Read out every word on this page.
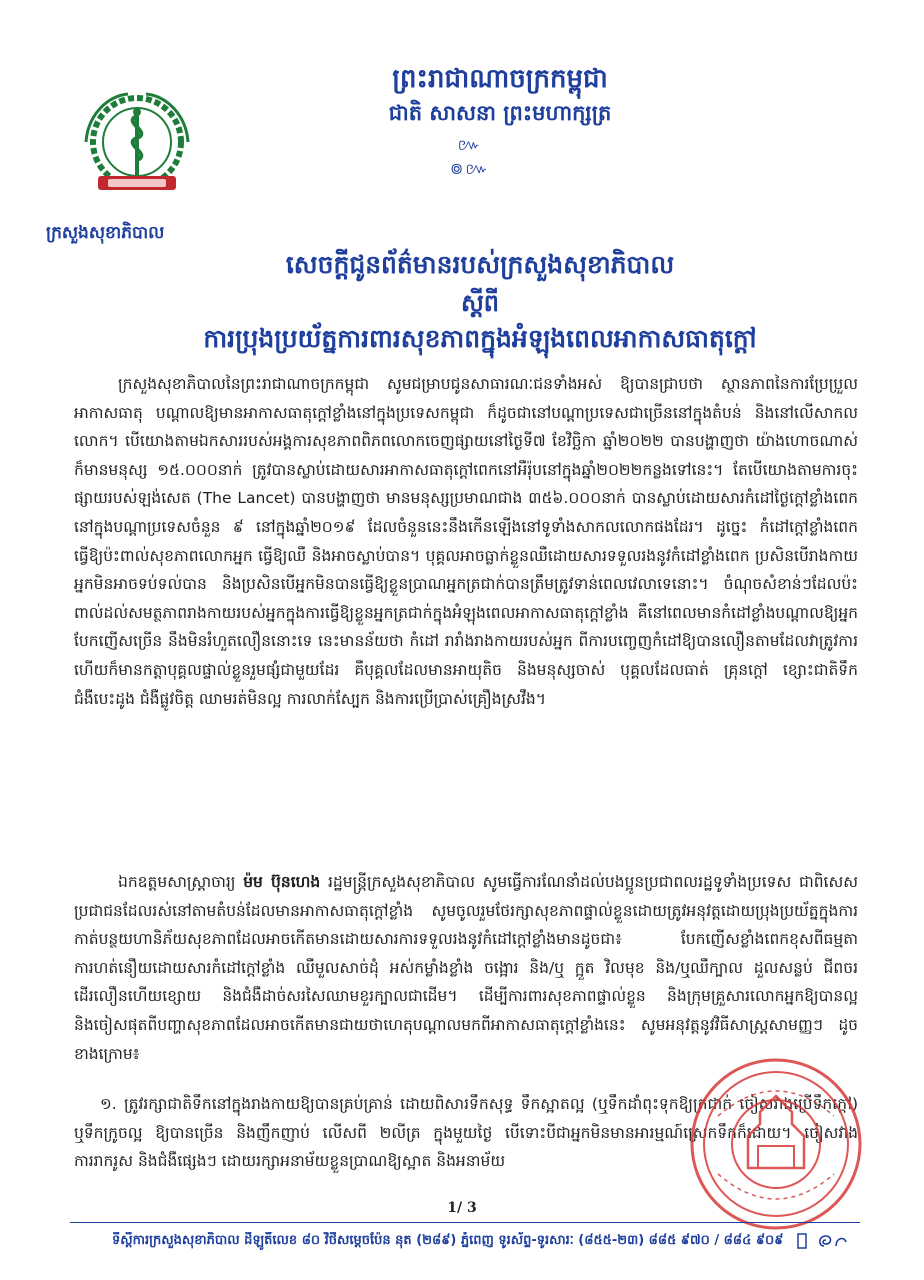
ក្រសួងសុខាភិបាល
ព្រះរាជាណាចក្រកម្ពុជា
ជាតិ សាសនា ព្រះមហាក្សត្រ
៚៙៚
សេចក្តីជូនព័ត៌មានរបស់ក្រសួងសុខាភិបាល
ស្តីពី
ការប្រុងប្រយ័ត្នការពារសុខភាពក្នុងអំឡុងពេលអាកាសធាតុក្តៅ

ក្រសួងសុខាភិបាលនៃព្រះរាជាណាចក្រកម្ពុជា សូមជម្រាបជូនសាធារណៈជនទាំងអស់ ឱ្យបានជ្រាបថា ស្ថានភាពនៃការប្រែប្រួលអាកាសធាតុ បណ្តាលឱ្យមានអាកាសធាតុក្តៅខ្លាំងនៅក្នុងប្រទេសកម្ពុជា ក៏ដូចជានៅបណ្តាប្រទេសជាច្រើននៅក្នុងតំបន់ និងនៅលើសាកលលោក។ បើយោងតាមឯកសាររបស់អង្គការសុខភាពពិភពលោកចេញផ្សាយនៅថ្ងៃទី៧ ខែវិច្ឆិកា ឆ្នាំ២០២២ បានបង្ហាញថា យ៉ាងហោចណាស់ក៏មានមនុស្ស ១៥.០០០នាក់ ត្រូវបានស្លាប់ដោយសារអាកាសធាតុក្តៅពេកនៅអឺរ៉ុបនៅក្នុងឆ្នាំ២០២២កន្លងទៅនេះ។ តែបើយោងតាមការចុះផ្សាយរបស់ឡង់សេត (The Lancet) បានបង្ហាញថា មានមនុស្សប្រមាណជាង ៣៥៦.០០០នាក់ បានស្លាប់ដោយសារកំដៅថ្ងៃក្តៅខ្លាំងពេកនៅក្នុងបណ្តាប្រទេសចំនួន ៩ នៅក្នុងឆ្នាំ២០១៩ ដែលចំនួននេះនឹងកើនឡើងនៅទូទាំងសាកលលោកផងដែរ។ ដូច្នេះ កំដៅក្តៅខ្លាំងពេក ធ្វើឱ្យប៉ះពាល់សុខភាពលោកអ្នក ធ្វើឱ្យឈឺ និងអាចស្លាប់បាន។ បុគ្គលអាចធ្លាក់ខ្លួនឈឺដោយសារទទួលរងនូវកំដៅខ្លាំងពេក ប្រសិនបើរាងកាយអ្នកមិនអាចទប់ទល់បាន និងប្រសិនបើអ្នកមិនបានធ្វើឱ្យខ្លួនប្រាណអ្នកត្រជាក់បានត្រឹមត្រូវទាន់ពេលវេលាទេនោះ។ ចំណុចសំខាន់ៗដែលប៉ះពាល់ដល់សមត្ថភាពរាងកាយរបស់អ្នកក្នុងការធ្វើឱ្យខ្លួនអ្នកត្រជាក់ក្នុងអំឡុងពេលអាកាសធាតុក្តៅខ្លាំង គឺនៅពេលមានកំដៅខ្លាំងបណ្តាលឱ្យអ្នកបែកញើសច្រើន នឹងមិនរំហួតលឿននោះទេ នេះមានន័យថា កំដៅ រារាំងរាងកាយរបស់អ្នក ពីការបញ្ចេញកំដៅឱ្យបានលឿនតាមដែលវាត្រូវការ ហើយក៏មានកត្តាបុគ្គលផ្ទាល់ខ្លួនរួមផ្សំជាមួយដែរ គឺបុគ្គលដែលមានអាយុតិច និងមនុស្សចាស់ បុគ្គលដែលធាត់ គ្រុនក្តៅ ខ្សោះជាតិទឹក ជំងឺបេះដូង ជំងឺផ្លូវចិត្ត ឈាមរត់មិនល្អ ការលាក់ស្បែក និងការប្រើប្រាស់គ្រឿងស្រវឹង។

ឯកឧត្តមសាស្ត្រាចារ្យ ម៉ម ប៊ុនហេង រដ្ឋមន្ត្រីក្រសួងសុខាភិបាល សូមធ្វើការណែនាំដល់បងប្អូនប្រជាពលរដ្ឋទូទាំងប្រទេស ជាពិសេសប្រជាជនដែលរស់នៅតាមតំបន់ដែលមានអាកាសធាតុក្តៅខ្លាំង សូមចូលរួមថែរក្សាសុខភាពផ្ទាល់ខ្លួនដោយត្រូវអនុវត្តដោយប្រុងប្រយ័ត្នក្នុងការកាត់បន្ថយហានិភ័យសុខភាពដែលអាចកើតមានដោយសារការទទួលរងនូវកំដៅក្តៅខ្លាំងមានដូចជា៖ បែកញើសខ្លាំងពេកខុសពីធម្មតា ការហត់នឿយដោយសារកំដៅក្តៅខ្លាំង ឈឺមួលសាច់ដុំ អស់កម្លាំងខ្លាំង ចង្អោរ និង/ឬ ក្អួត វិលមុខ និង/ឬឈឺក្បាល ដួលសន្លប់ ជីពចរដើរលឿនហើយខ្សោយ និងជំងឺដាច់សរសៃឈាមខួរក្បាលជាដើម។ ដើម្បីការពារសុខភាពផ្ទាល់ខ្លួន និងក្រុមគ្រួសារលោកអ្នកឱ្យបានល្អ និងចៀសផុតពីបញ្ហាសុខភាពដែលអាចកើតមានជាយថាហេតុបណ្តាលមកពីអាកាសធាតុក្តៅខ្លាំងនេះ សូមអនុវត្តនូវវិធីសាស្ត្រសាមញ្ញៗ ដូចខាងក្រោម៖

១. ត្រូវរក្សាជាតិទឹកនៅក្នុងរាងកាយឱ្យបានគ្រប់គ្រាន់ ដោយពិសារទឹកសុទ្ធ ទឹកស្អាតល្អ (ឬទឹកដាំពុះទុកឱ្យត្រជាក់ ចៀសវាងប្រើទឹកក្តៅ) ឬទឹកក្រូចល្អ ឱ្យបានច្រើន និងញឹកញាប់ លើសពី ២លីត្រ ក្នុងមួយថ្ងៃ បើទោះបីជាអ្នកមិនមានអារម្មណ៍ស្រេកទឹកក៏ដោយ។ ចៀសវាងការរាករូស និងជំងឺផ្សេងៗ ដោយរក្សាអនាម័យខ្លួនប្រាណឱ្យស្អាត និងអនាម័យ

1/ 3
ទីស្តីការក្រសួងសុខាភិបាល ដីឡូតិ៍លេខ ៨០ វិថីសម្តេចប៉ែន នុត (២៨៩) ភ្នំពេញ ទូរស័ព្ទ-ទូរសារៈ (៨៥៥-២៣) ៨៨៥ ៩៧០ / ៨៨៤ ៩០៩
